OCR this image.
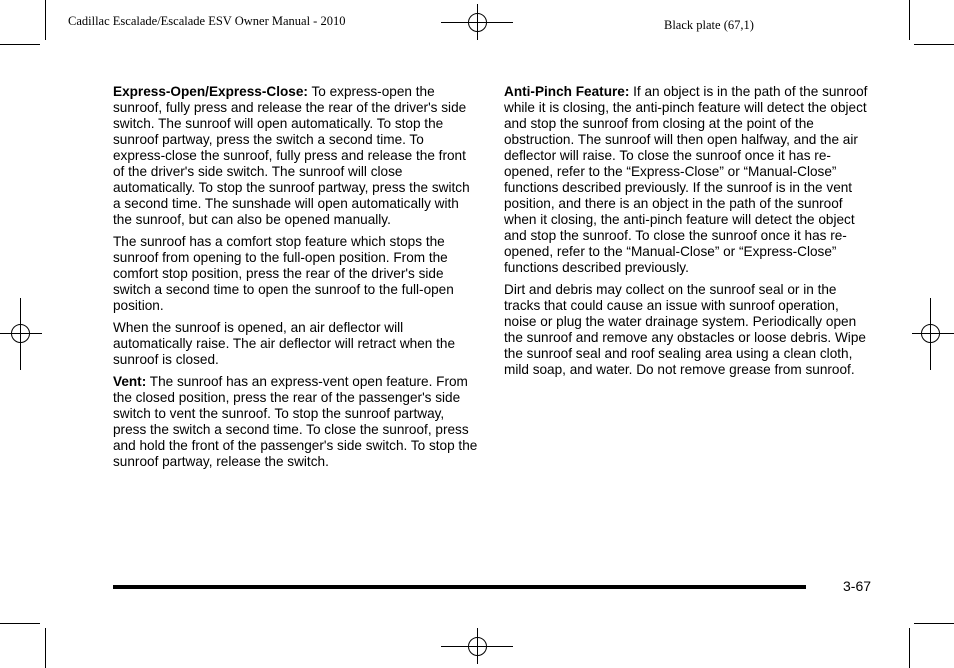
Cadillac Escalade/Escalade ESV Owner Manual - 2010	Black plate (67,1)

Express-Open/Express-Close: To express-open the sunroof, fully press and release the rear of the driver's side switch. The sunroof will open automatically. To stop the sunroof partway, press the switch a second time. To express-close the sunroof, fully press and release the front of the driver's side switch. The sunroof will close automatically. To stop the sunroof partway, press the switch a second time. The sunshade will open automatically with the sunroof, but can also be opened manually.

The sunroof has a comfort stop feature which stops the sunroof from opening to the full-open position. From the comfort stop position, press the rear of the driver's side switch a second time to open the sunroof to the full-open position.

When the sunroof is opened, an air deflector will automatically raise. The air deflector will retract when the sunroof is closed.

Vent: The sunroof has an express-vent open feature. From the closed position, press the rear of the passenger's side switch to vent the sunroof. To stop the sunroof partway, press the switch a second time. To close the sunroof, press and hold the front of the passenger's side switch. To stop the sunroof partway, release the switch.

Anti-Pinch Feature: If an object is in the path of the sunroof while it is closing, the anti-pinch feature will detect the object and stop the sunroof from closing at the point of the obstruction. The sunroof will then open halfway, and the air deflector will raise. To close the sunroof once it has re-opened, refer to the “Express-Close” or “Manual-Close” functions described previously. If the sunroof is in the vent position, and there is an object in the path of the sunroof when it closing, the anti-pinch feature will detect the object and stop the sunroof. To close the sunroof once it has re-opened, refer to the “Manual-Close” or “Express-Close” functions described previously.

Dirt and debris may collect on the sunroof seal or in the tracks that could cause an issue with sunroof operation, noise or plug the water drainage system. Periodically open the sunroof and remove any obstacles or loose debris. Wipe the sunroof seal and roof sealing area using a clean cloth, mild soap, and water. Do not remove grease from sunroof.

3-67
